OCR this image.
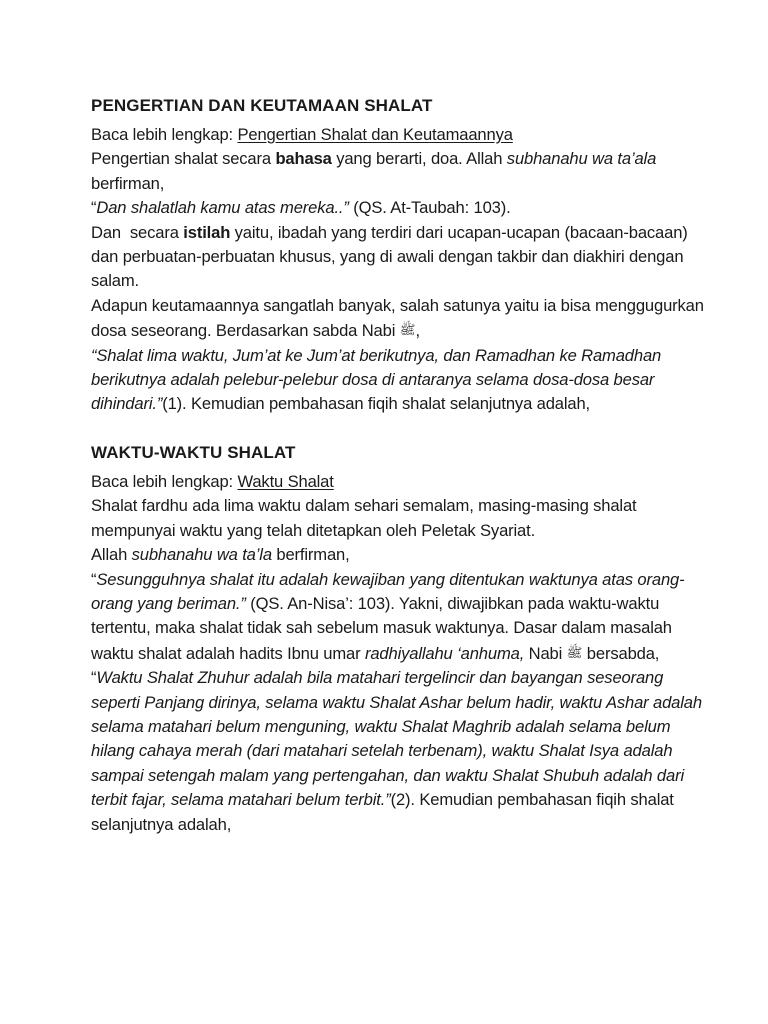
PENGERTIAN DAN KEUTAMAAN SHALAT

Baca lebih lengkap: Pengertian Shalat dan Keutamaannya

Pengertian shalat secara bahasa yang berarti, doa. Allah subhanahu wa ta’ala berfirman,

“Dan shalatlah kamu atas mereka..” (QS. At-Taubah: 103).

Dan  secara istilah yaitu, ibadah yang terdiri dari ucapan-ucapan (bacaan-bacaan) dan perbuatan-perbuatan khusus, yang di awali dengan takbir dan diakhiri dengan salam.

Adapun keutamaannya sangatlah banyak, salah satunya yaitu ia bisa menggugurkan dosa seseorang. Berdasarkan sabda Nabi ﷺ,

“Shalat lima waktu, Jum’at ke Jum’at berikutnya, dan Ramadhan ke Ramadhan berikutnya adalah pelebur-pelebur dosa di antaranya selama dosa-dosa besar dihindari.”(1). Kemudian pembahasan fiqih shalat selanjutnya adalah,

WAKTU-WAKTU SHALAT

Baca lebih lengkap: Waktu Shalat

Shalat fardhu ada lima waktu dalam sehari semalam, masing-masing shalat mempunyai waktu yang telah ditetapkan oleh Peletak Syariat.

Allah subhanahu wa ta’la berfirman,

“Sesungguhnya shalat itu adalah kewajiban yang ditentukan waktunya atas orang-orang yang beriman.” (QS. An-Nisa’: 103). Yakni, diwajibkan pada waktu-waktu tertentu, maka shalat tidak sah sebelum masuk waktunya. Dasar dalam masalah waktu shalat adalah hadits Ibnu umar radhiyallahu ‘anhuma, Nabi ﷺ bersabda,

“Waktu Shalat Zhuhur adalah bila matahari tergelincir dan bayangan seseorang seperti Panjang dirinya, selama waktu Shalat Ashar belum hadir, waktu Ashar adalah selama matahari belum menguning, waktu Shalat Maghrib adalah selama belum hilang cahaya merah (dari matahari setelah terbenam), waktu Shalat Isya adalah sampai setengah malam yang pertengahan, dan waktu Shalat Shubuh adalah dari terbit fajar, selama matahari belum terbit.”(2). Kemudian pembahasan fiqih shalat selanjutnya adalah,
